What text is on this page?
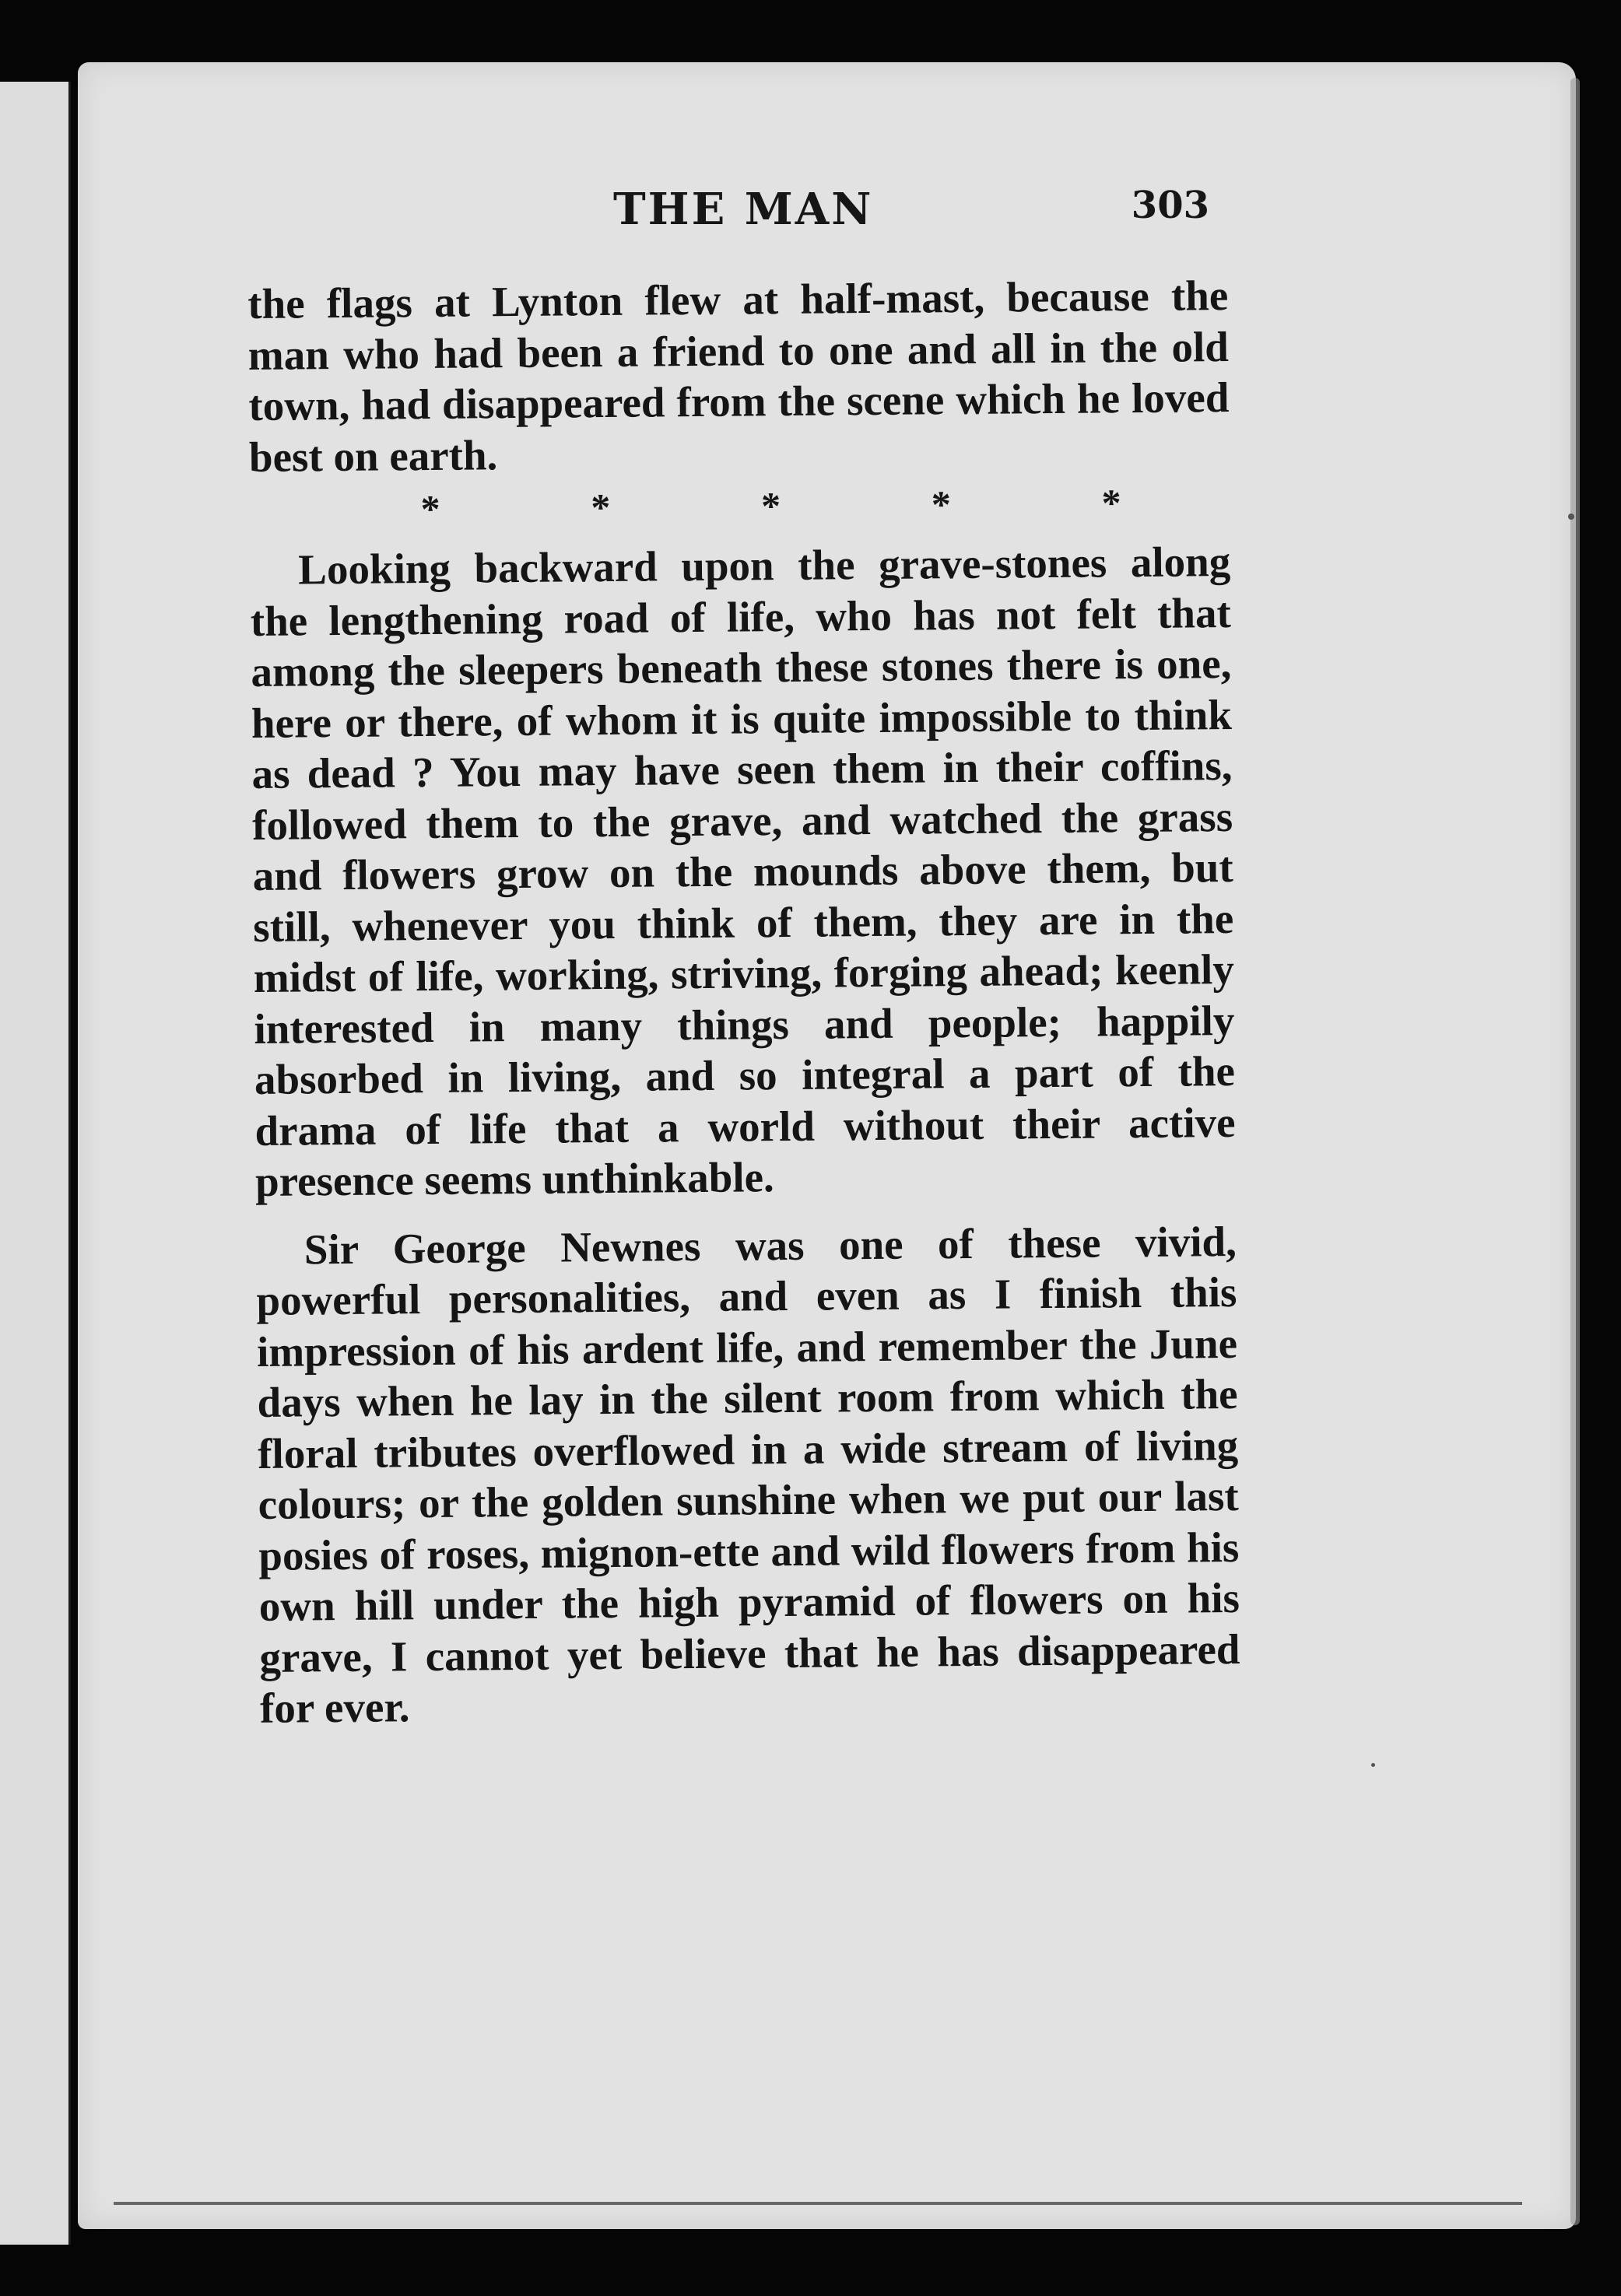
THE MAN	303

the flags at Lynton flew at half-mast, because the man who had been a friend to one and all in the old town, had disappeared from the scene which he loved best on earth.

*	*	*	*	*

Looking backward upon the grave-stones along the lengthening road of life, who has not felt that among the sleepers beneath these stones there is one, here or there, of whom it is quite impossible to think as dead ? You may have seen them in their coffins, followed them to the grave, and watched the grass and flowers grow on the mounds above them, but still, whenever you think of them, they are in the midst of life, working, striving, forging ahead; keenly interested in many things and people; happily absorbed in living, and so integral a part of the drama of life that a world without their active presence seems unthinkable.

Sir George Newnes was one of these vivid, powerful personalities, and even as I finish this impression of his ardent life, and remember the June days when he lay in the silent room from which the floral tributes overflowed in a wide stream of living colours; or the golden sunshine when we put our last posies of roses, mignon-ette and wild flowers from his own hill under the high pyramid of flowers on his grave, I cannot yet believe that he has disappeared for ever.
